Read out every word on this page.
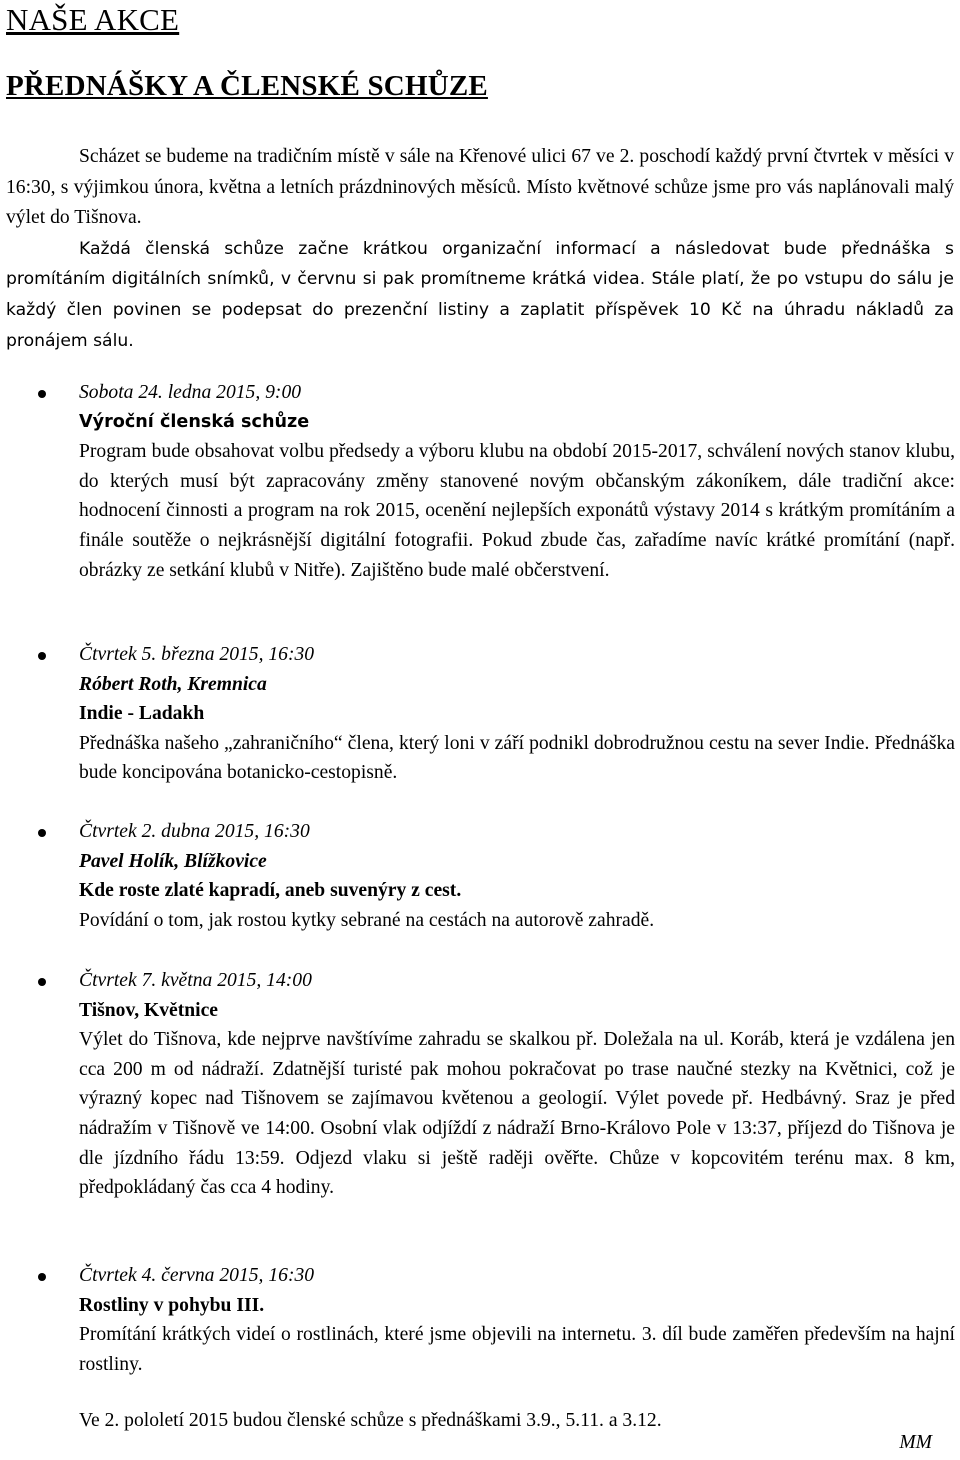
NAŠE AKCE
PŘEDNÁŠKY A ČLENSKÉ SCHŮZE

Scházet se budeme na tradičním místě v sále na Křenové ulici 67 ve 2. poschodí každý první čtvrtek v měsíci v 16:30, s výjimkou února, května a letních prázdninových měsíců. Místo květnové schůze jsme pro vás naplánovali malý výlet do Tišnova.
Každá členská schůze začne krátkou organizační informací a následovat bude přednáška s promítáním digitálních snímků, v červnu si pak promítneme krátká videa. Stále platí, že po vstupu do sálu je každý člen povinen se podepsat do prezenční listiny a zaplatit příspěvek 10 Kč na úhradu nákladů za pronájem sálu.

Sobota 24. ledna 2015, 9:00
Výroční členská schůze
Program bude obsahovat volbu předsedy a výboru klubu na období 2015-2017, schválení nových stanov klubu, do kterých musí být zapracovány změny stanovené novým občanským zákoníkem, dále tradiční akce: hodnocení činnosti a program na rok 2015, ocenění nejlepších exponátů výstavy 2014 s krátkým promítáním a finále soutěže o nejkrásnější digitální fotografii. Pokud zbude čas, zařadíme navíc krátké promítání (např. obrázky ze setkání klubů v Nitře). Zajištěno bude malé občerstvení.
Čtvrtek 5. března 2015, 16:30
Róbert Roth, Kremnica
Indie - Ladakh
Přednáška našeho „zahraničního“ člena, který loni v září podnikl dobrodružnou cestu na sever Indie. Přednáška bude koncipována botanicko-cestopisně.
Čtvrtek 2. dubna 2015, 16:30
Pavel Holík, Blížkovice
Kde roste zlaté kapradí, aneb suvenýry z cest.
Povídání o tom, jak rostou kytky sebrané na cestách na autorově zahradě.
Čtvrtek 7. května 2015, 14:00
Tišnov, Květnice
Výlet do Tišnova, kde nejprve navštívíme zahradu se skalkou př. Doležala na ul. Koráb, která je vzdálena jen cca 200 m od nádraží. Zdatnější turisté pak mohou pokračovat po trase naučné stezky na Květnici, což je výrazný kopec nad Tišnovem se zajímavou květenou a geologií. Výlet povede př. Hedbávný. Sraz je před nádražím v Tišnově ve 14:00. Osobní vlak odjíždí z nádraží Brno-Královo Pole v 13:37, příjezd do Tišnova je dle jízdního řádu 13:59. Odjezd vlaku si ještě raději ověřte. Chůze v kopcovitém terénu max. 8 km, předpokládaný čas cca 4 hodiny.
Čtvrtek 4. června 2015, 16:30
Rostliny v pohybu III.
Promítání krátkých videí o rostlinách, které jsme objevili na internetu. 3. díl bude zaměřen především na hajní rostliny.

Ve 2. pololetí 2015 budou členské schůze s přednáškami 3.9., 5.11. a 3.12.

MM
